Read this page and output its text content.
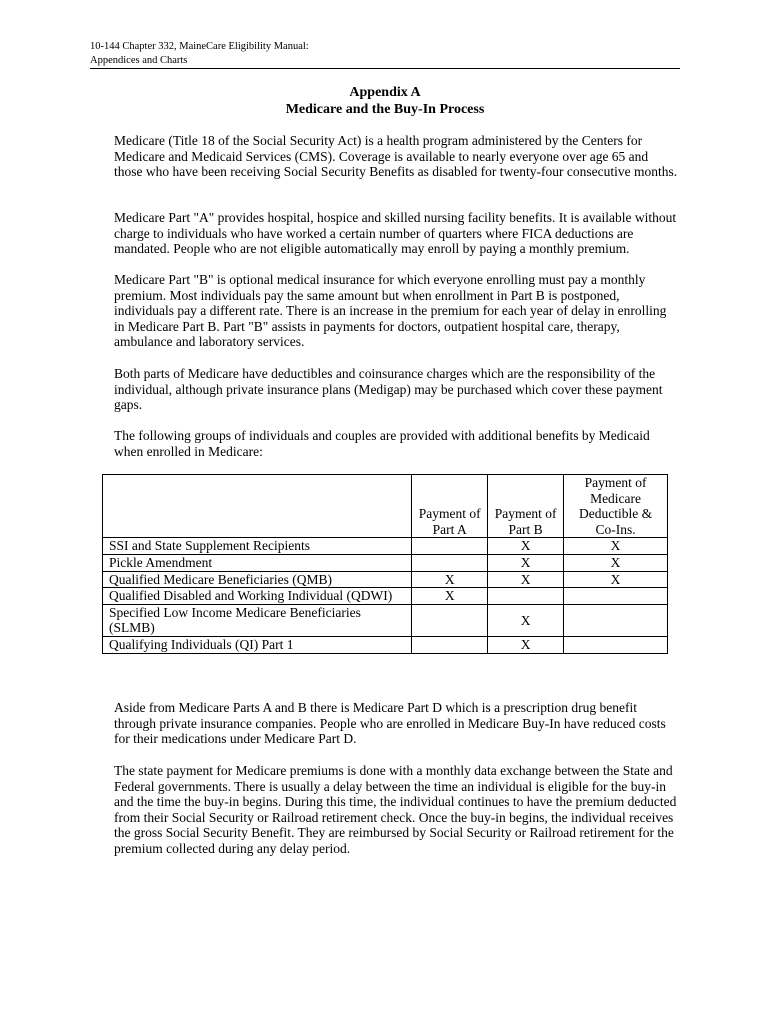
10-144 Chapter 332, MaineCare Eligibility Manual:
Appendices and Charts
Appendix A
Medicare and the Buy-In Process

Medicare (Title 18 of the Social Security Act) is a health program administered by the Centers for Medicare and Medicaid Services (CMS). Coverage is available to nearly everyone over age 65 and those who have been receiving Social Security Benefits as disabled for twenty-four consecutive months.

Medicare Part "A" provides hospital, hospice and skilled nursing facility benefits. It is available without charge to individuals who have worked a certain number of quarters where FICA deductions are mandated. People who are not eligible automatically may enroll by paying a monthly premium.

Medicare Part "B" is optional medical insurance for which everyone enrolling must pay a monthly premium. Most individuals pay the same amount but when enrollment in Part B is postponed, individuals pay a different rate. There is an increase in the premium for each year of delay in enrolling in Medicare Part B. Part "B" assists in payments for doctors, outpatient hospital care, therapy, ambulance and laboratory services.

Both parts of Medicare have deductibles and coinsurance charges which are the responsibility of the individual, although private insurance plans (Medigap) may be purchased which cover these payment gaps.

The following groups of individuals and couples are provided with additional benefits by Medicaid when enrolled in Medicare:

	Payment of Part A	Payment of Part B	Payment of Medicare Deductible & Co-Ins.
SSI and State Supplement Recipients		X	X
Pickle Amendment		X	X
Qualified Medicare Beneficiaries (QMB)	X	X	X
Qualified Disabled and Working Individual (QDWI)	X		
Specified Low Income Medicare Beneficiaries (SLMB)		X	
Qualifying Individuals (QI) Part 1		X	

Aside from Medicare Parts A and B there is Medicare Part D which is a prescription drug benefit through private insurance companies. People who are enrolled in Medicare Buy-In have reduced costs for their medications under Medicare Part D.

The state payment for Medicare premiums is done with a monthly data exchange between the State and Federal governments. There is usually a delay between the time an individual is eligible for the buy-in and the time the buy-in begins. During this time, the individual continues to have the premium deducted from their Social Security or Railroad retirement check. Once the buy-in begins, the individual receives the gross Social Security Benefit. They are reimbursed by Social Security or Railroad retirement for the premium collected during any delay period.
